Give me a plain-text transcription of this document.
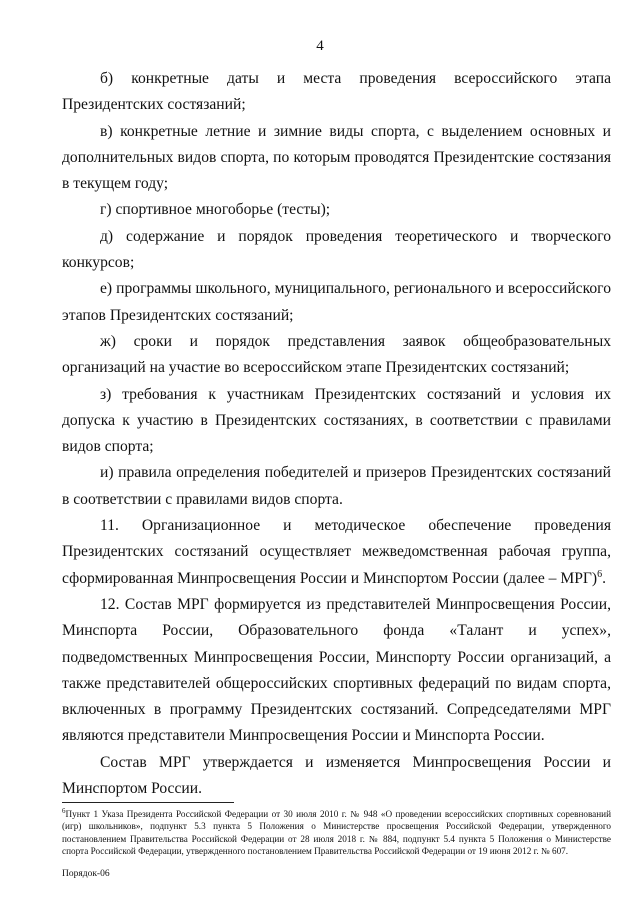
4

б) конкретные даты и места проведения всероссийского этапа Президентских состязаний;

в) конкретные летние и зимние виды спорта, с выделением основных и дополнительных видов спорта, по которым проводятся Президентские состязания в текущем году;

г) спортивное многоборье (тесты);

д) содержание и порядок проведения теоретического и творческого конкурсов;

е) программы школьного, муниципального, регионального и всероссийского этапов Президентских состязаний;

ж) сроки и порядок представления заявок общеобразовательных организаций на участие во всероссийском этапе Президентских состязаний;

з) требования к участникам Президентских состязаний и условия их допуска к участию в Президентских состязаниях, в соответствии с правилами видов спорта;

и) правила определения победителей и призеров Президентских состязаний в соответствии с правилами видов спорта.

11. Организационное и методическое обеспечение проведения Президентских состязаний осуществляет межведомственная рабочая группа, сформированная Минпросвещения России и Минспортом России (далее – МРГ)$^6$.

12. Состав МРГ формируется из представителей Минпросвещения России, Минспорта России, Образовательного фонда «Талант и успех», подведомственных Минпросвещения России, Минспорту России организаций, а также представителей общероссийских спортивных федераций по видам спорта, включенных в программу Президентских состязаний. Сопредседателями МРГ являются представители Минпросвещения России и Минспорта России.

Состав МРГ утверждается и изменяется Минпросвещения России и Минспортом России.

$^6$Пункт 1 Указа Президента Российской Федерации от 30 июля 2010 г. № 948 «О проведении всероссийских спортивных соревнований (игр) школьников», подпункт 5.3 пункта 5 Положения о Министерстве просвещения Российской Федерации, утвержденного постановлением Правительства Российской Федерации от 28 июля 2018 г. № 884, подпункт 5.4 пункта 5 Положения о Министерстве спорта Российской Федерации, утвержденного постановлением Правительства Российской Федерации от 19 июня 2012 г. № 607.
Порядок-06
